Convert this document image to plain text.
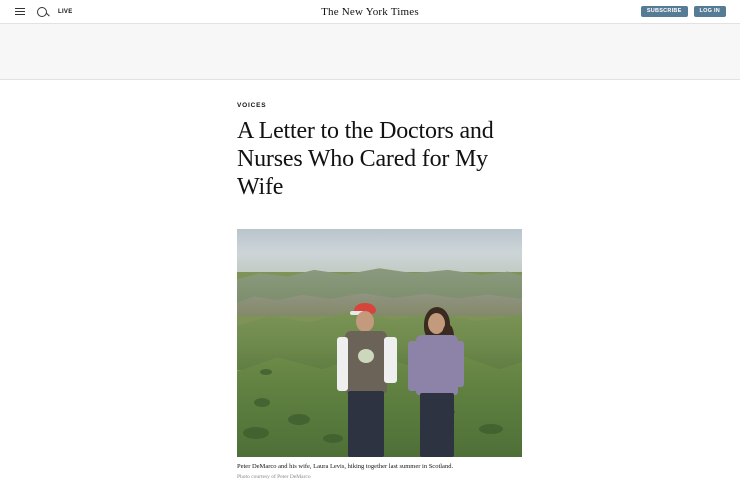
LIVE	The New York Times	SUBSCRIBE	LOG IN
VOICES
A Letter to the Doctors and Nurses Who Cared for My Wife
Peter DeMarco and his wife, Laura Levis, hiking together last summer in Scotland.
Photo courtesy of Peter DeMarco
